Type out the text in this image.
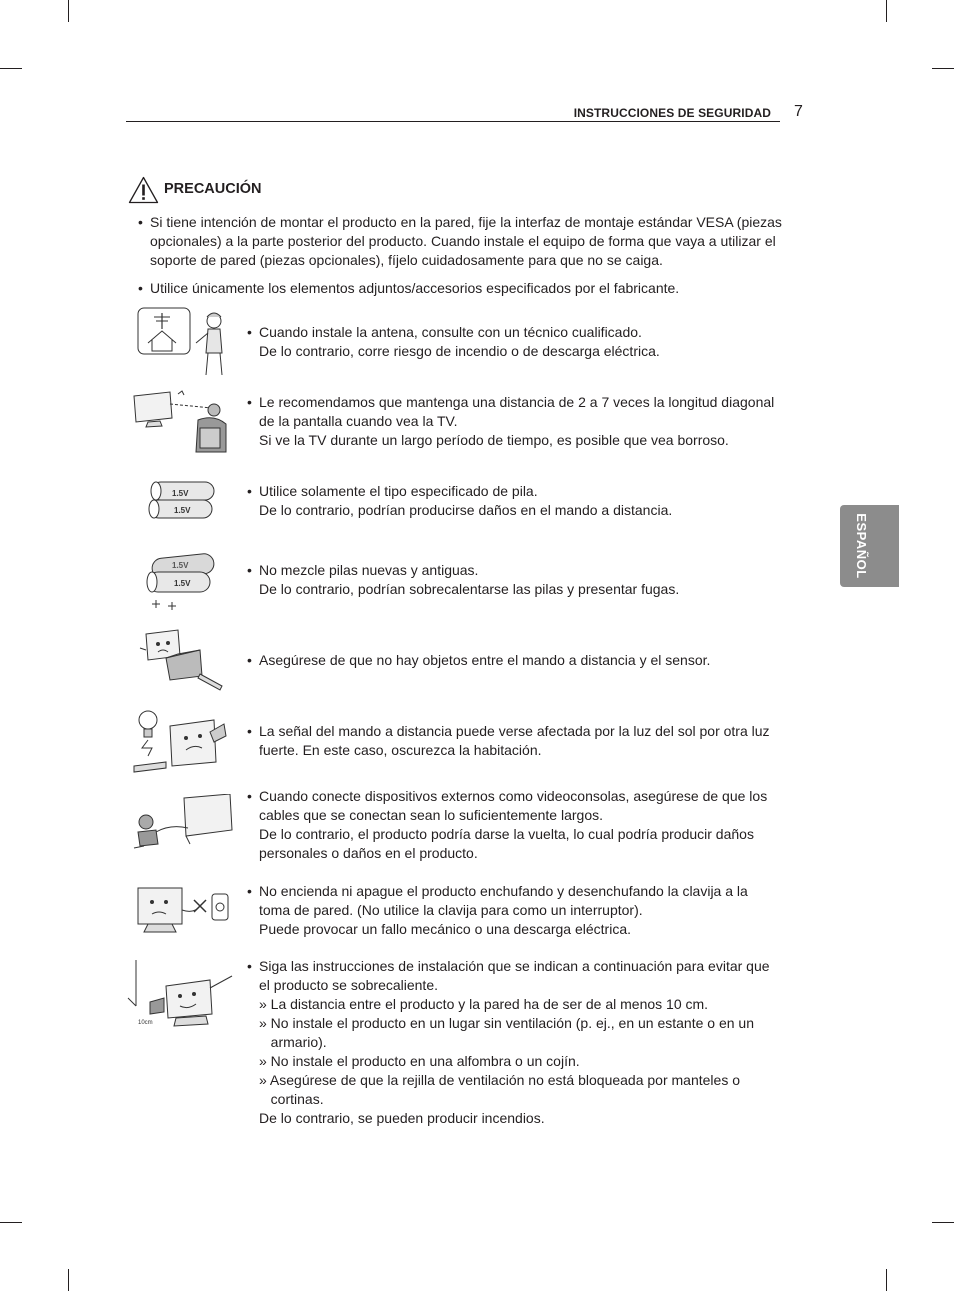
INSTRUCCIONES DE SEGURIDAD 7
ESPAÑOL
PRECAUCIÓN
• Si tiene intención de montar el producto en la pared, fije la interfaz de montaje estándar VESA (piezas
opcionales) a la parte posterior del producto. Cuando instale el equipo de forma que vaya a utilizar el
soporte de pared (piezas opcionales), fíjelo cuidadosamente para que no se caiga.
• Utilice únicamente los elementos adjuntos/accesorios especificados por el fabricante.
• Cuando instale la antena, consulte con un técnico cualificado.
De lo contrario, corre riesgo de incendio o de descarga eléctrica.
• Le recomendamos que mantenga una distancia de 2 a 7 veces la longitud diagonal
de la pantalla cuando vea la TV.
Si ve la TV durante un largo período de tiempo, es posible que vea borroso.
1.5V
1.5V
• Utilice solamente el tipo especificado de pila.
De lo contrario, podrían producirse daños en el mando a distancia.
1.5V
1.5V
• No mezcle pilas nuevas y antiguas.
De lo contrario, podrían sobrecalentarse las pilas y presentar fugas.
• Asegúrese de que no hay objetos entre el mando a distancia y el sensor.
• La señal del mando a distancia puede verse afectada por la luz del sol por otra luz
fuerte. En este caso, oscurezca la habitación.
• Cuando conecte dispositivos externos como videoconsolas, asegúrese de que los
cables que se conectan sean lo suficientemente largos.
De lo contrario, el producto podría darse la vuelta, lo cual podría producir daños
personales o daños en el producto.
• No encienda ni apague el producto enchufando y desenchufando la clavija a la
toma de pared. (No utilice la clavija para como un interruptor).
Puede provocar un fallo mecánico o una descarga eléctrica.
10cm
• Siga las instrucciones de instalación que se indican a continuación para evitar que
el producto se sobrecaliente.
» La distancia entre el producto y la pared ha de ser de al menos 10 cm.
» No instale el producto en un lugar sin ventilación (p. ej., en un estante o en un
armario).
» No instale el producto en una alfombra o un cojín.
» Asegúrese de que la rejilla de ventilación no está bloqueada por manteles o
cortinas.
De lo contrario, se pueden producir incendios.
